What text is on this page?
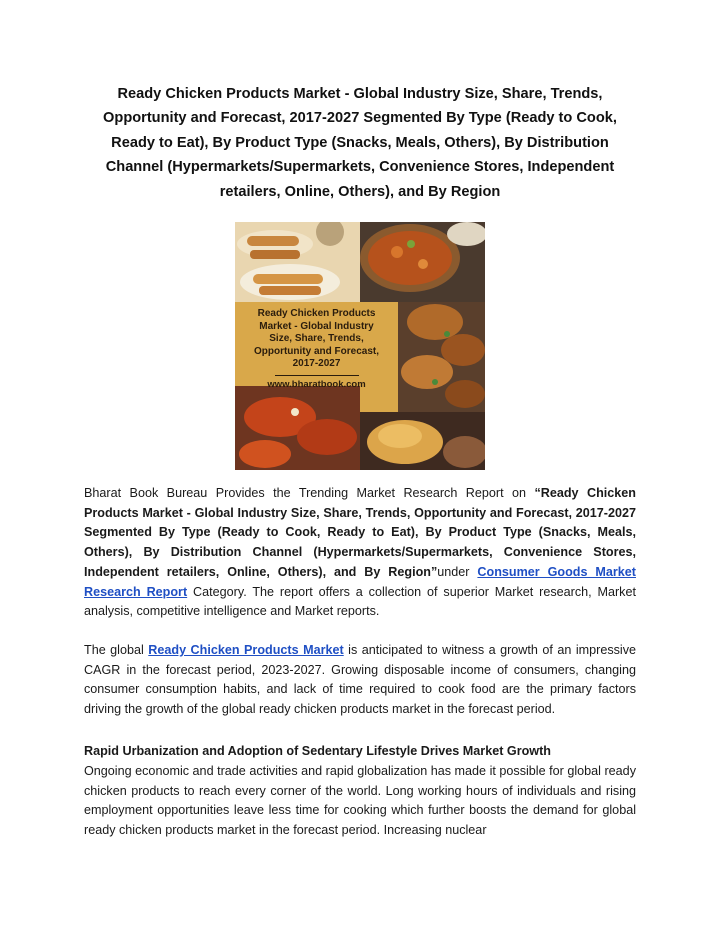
Ready Chicken Products Market - Global Industry Size, Share, Trends, Opportunity and Forecast, 2017-2027 Segmented By Type (Ready to Cook, Ready to Eat), By Product Type (Snacks, Meals, Others), By Distribution Channel (Hypermarkets/Supermarkets, Convenience Stores, Independent retailers, Online, Others), and By Region
Ready Chicken Products
Market - Global Industry
Size, Share, Trends,
Opportunity and Forecast,
2017-2027
www.bharatbook.com
Bharat Book Bureau Provides the Trending Market Research Report on “Ready Chicken Products Market - Global Industry Size, Share, Trends, Opportunity and Forecast, 2017-2027 Segmented By Type (Ready to Cook, Ready to Eat), By Product Type (Snacks, Meals, Others), By Distribution Channel (Hypermarkets/Supermarkets, Convenience Stores, Independent retailers, Online, Others), and By Region”under Consumer Goods Market Research Report Category. The report offers a collection of superior Market research, Market analysis, competitive intelligence and Market reports.
The global Ready Chicken Products Market is anticipated to witness a growth of an impressive CAGR in the forecast period, 2023-2027. Growing disposable income of consumers, changing consumer consumption habits, and lack of time required to cook food are the primary factors driving the growth of the global ready chicken products market in the forecast period.
Rapid Urbanization and Adoption of Sedentary Lifestyle Drives Market Growth
Ongoing economic and trade activities and rapid globalization has made it possible for global ready chicken products to reach every corner of the world. Long working hours of individuals and rising employment opportunities leave less time for cooking which further boosts the demand for global ready chicken products market in the forecast period. Increasing nuclear
